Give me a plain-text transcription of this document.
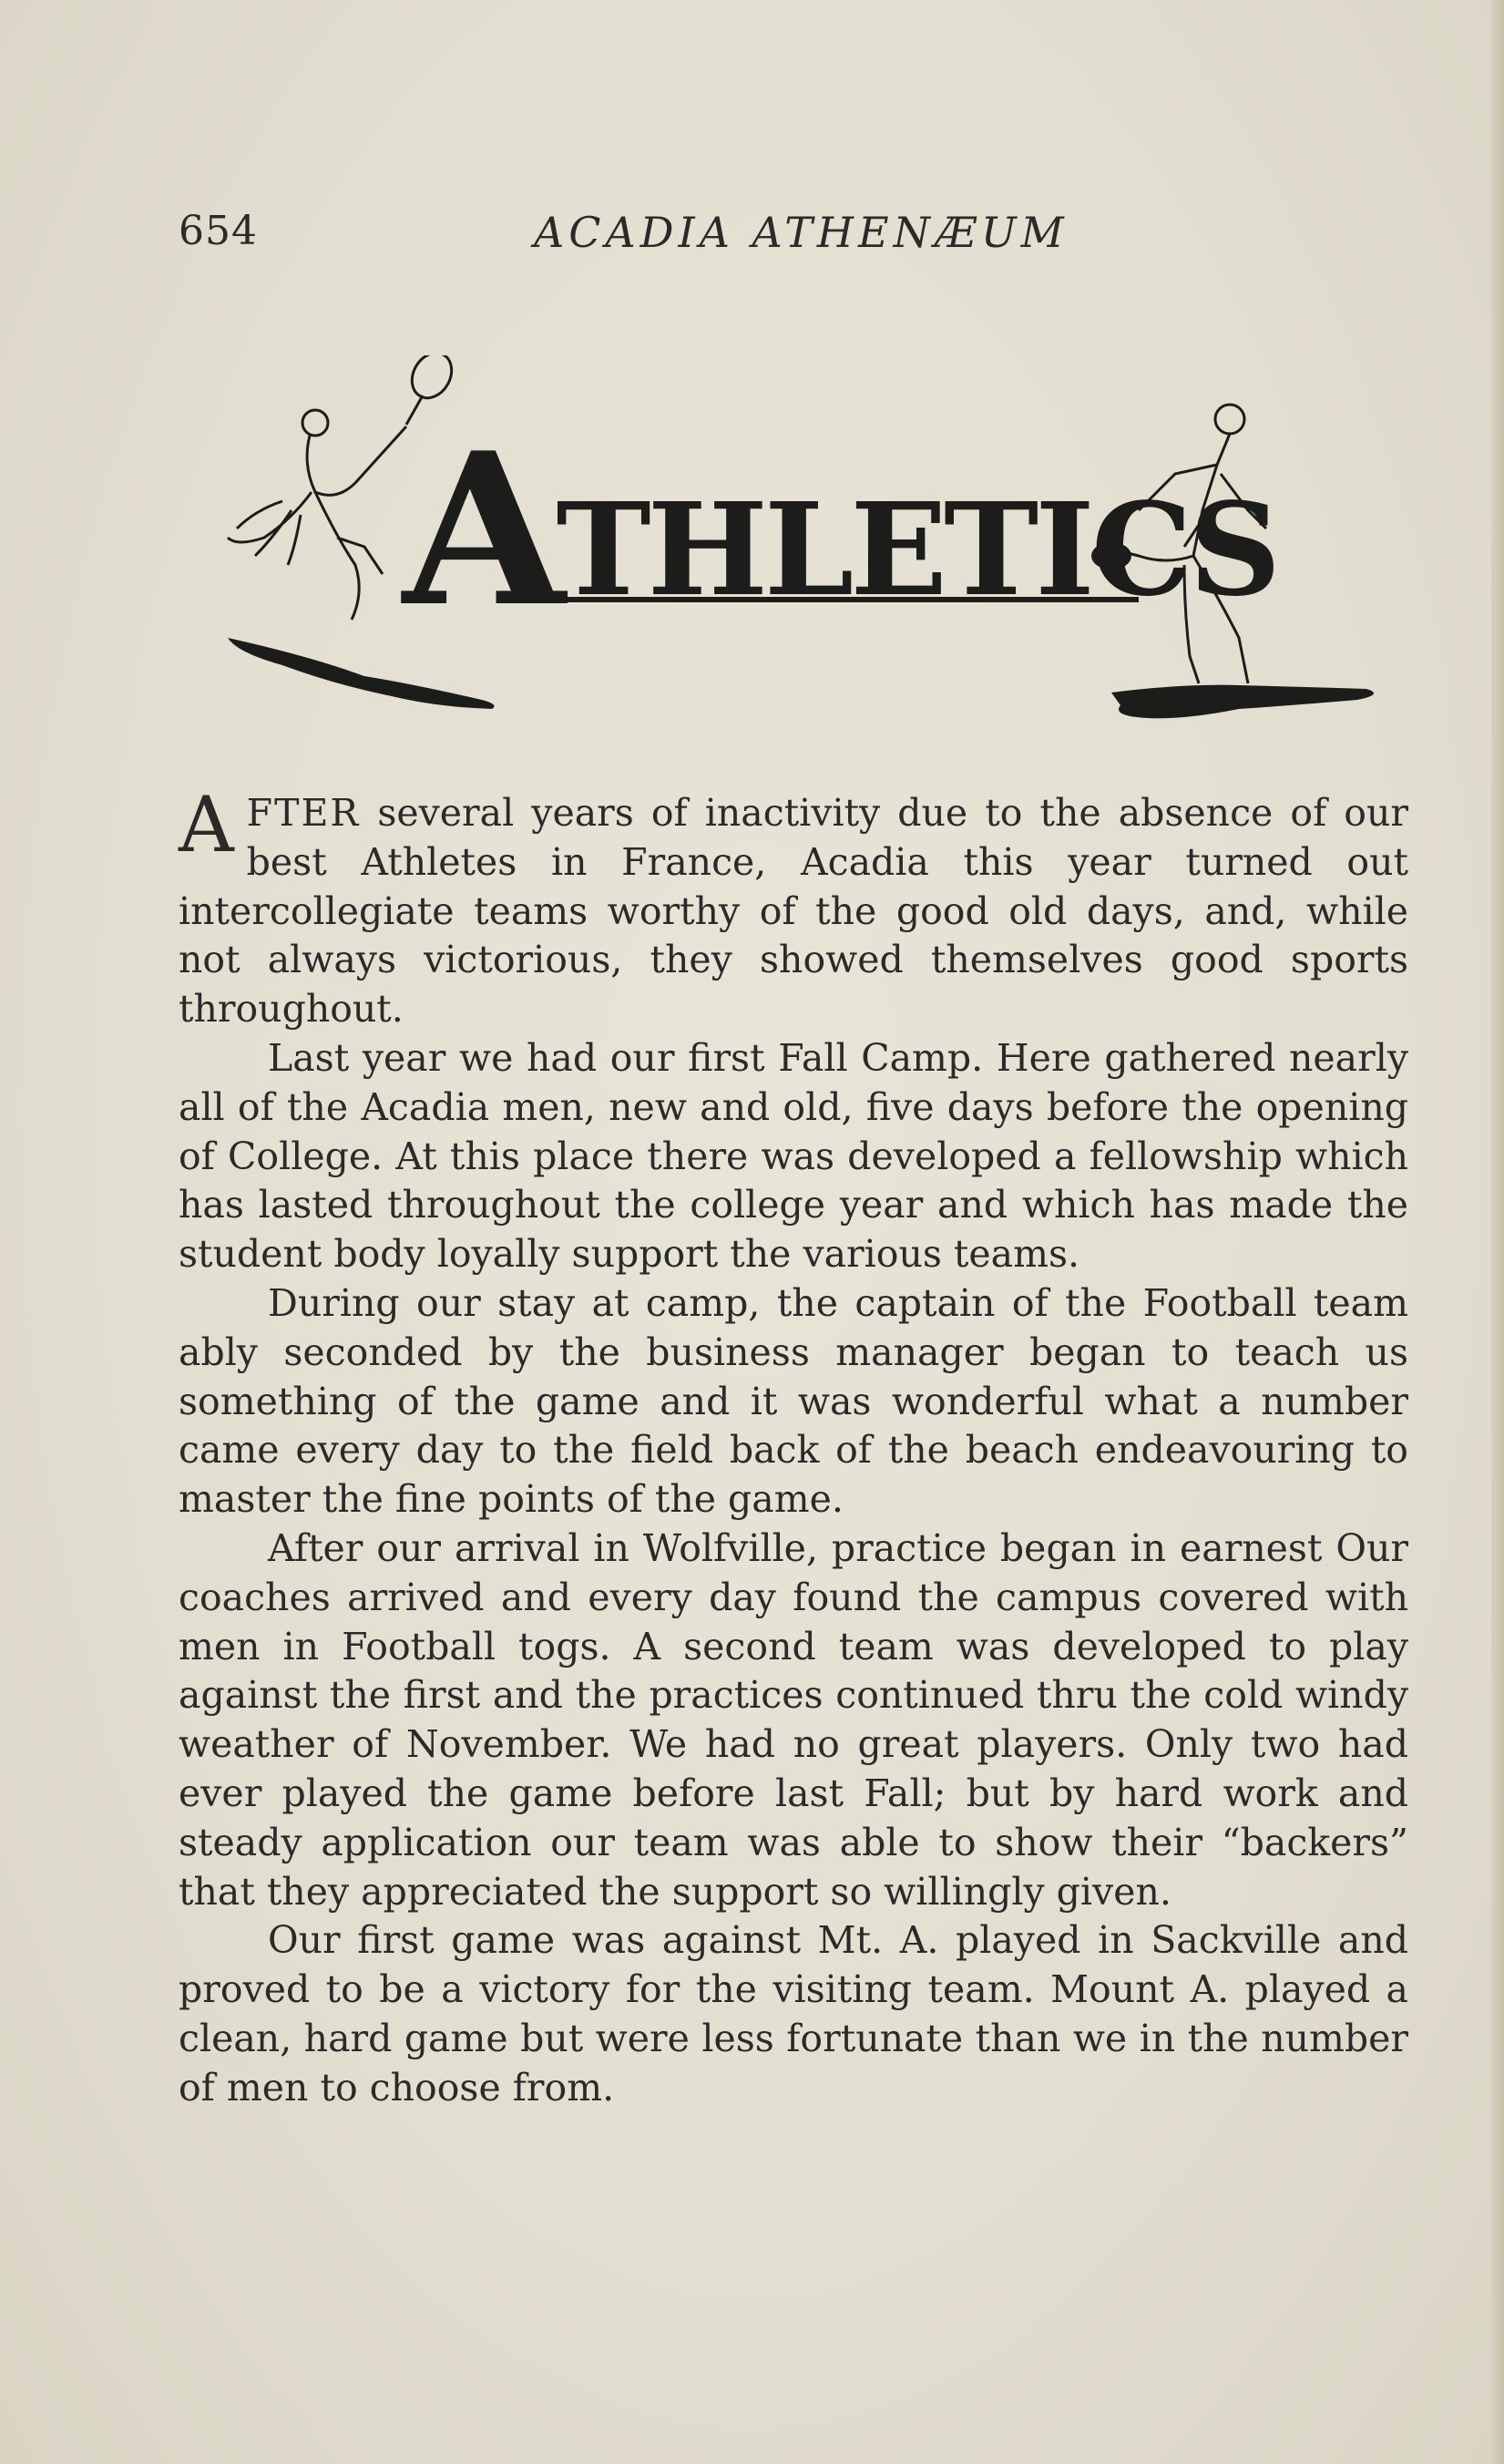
654	ACADIA ATHENÆUM
A
THLETICS

AFTER several years of inactivity due to the absence of our best Athletes in France, Acadia this year turned out intercollegiate teams worthy of the good old days, and, while not always victorious, they showed themselves good sports throughout.

Last year we had our first Fall Camp. Here gathered nearly all of the Acadia men, new and old, five days before the opening of College. At this place there was developed a fellowship which has lasted throughout the college year and which has made the student body loyally support the various teams.

During our stay at camp, the captain of the Football team ably seconded by the business manager began to teach us something of the game and it was wonderful what a number came every day to the field back of the beach endeavouring to master the fine points of the game.

After our arrival in Wolfville, practice began in earnest Our coaches arrived and every day found the campus covered with men in Football togs. A second team was developed to play against the first and the practices continued thru the cold windy weather of November. We had no great players. Only two had ever played the game before last Fall; but by hard work and steady application our team was able to show their “backers” that they appreciated the support so willingly given.

Our first game was against Mt. A. played in Sackville and proved to be a victory for the visiting team. Mount A. played a clean, hard game but were less fortunate than we in the number of men to choose from.
